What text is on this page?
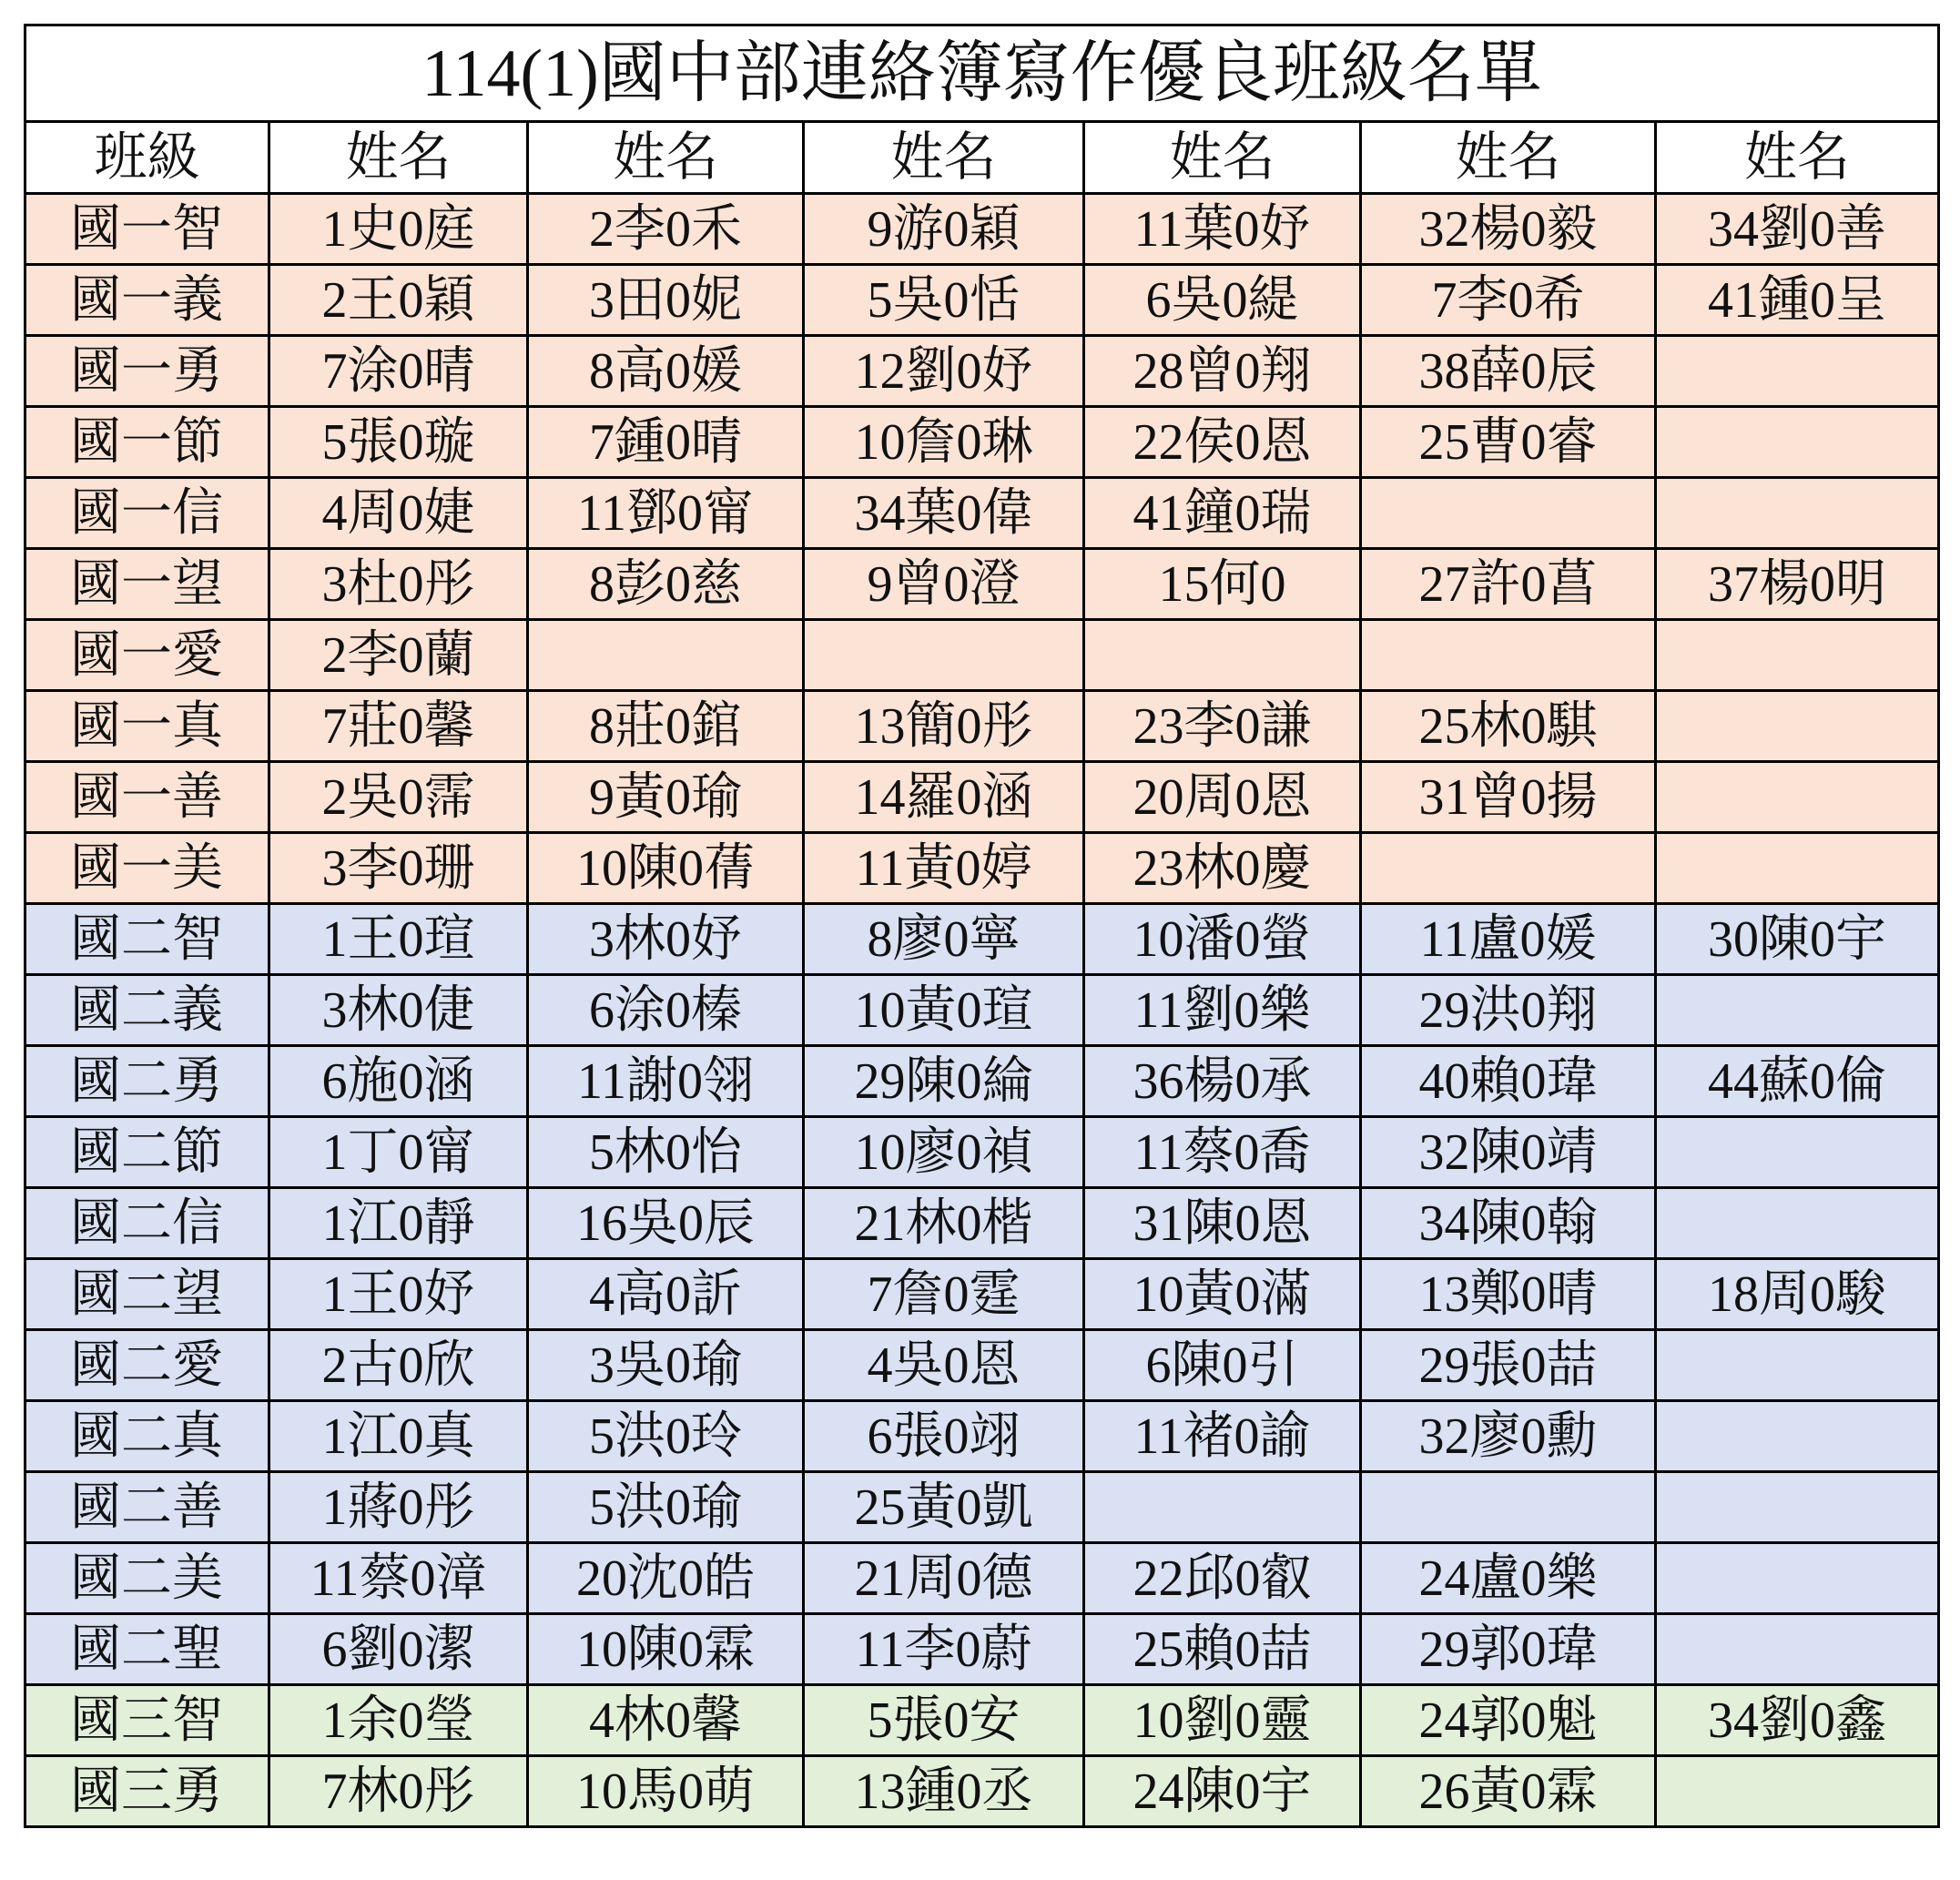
114(1)國中部連絡簿寫作優良班級名單						
班級	姓名	姓名	姓名	姓名	姓名	姓名
國一智	1史0庭	2李0禾	9游0穎	11葉0妤	32楊0毅	34劉0善
國一義	2王0穎	3田0妮	5吳0恬	6吳0緹	7李0希	41鍾0呈
國一勇	7涂0晴	8高0媛	12劉0妤	28曾0翔	38薛0辰	
國一節	5張0璇	7鍾0晴	10詹0琳	22侯0恩	25曹0睿	
國一信	4周0婕	11鄧0甯	34葉0偉	41鐘0瑞		
國一望	3杜0彤	8彭0慈	9曾0澄	15何0	27許0菖	37楊0明
國一愛	2李0蘭					
國一真	7莊0馨	8莊0錧	13簡0彤	23李0謙	25林0騏	
國一善	2吳0霈	9黃0瑜	14羅0涵	20周0恩	31曾0揚	
國一美	3李0珊	10陳0蒨	11黃0婷	23林0慶		
國二智	1王0瑄	3林0妤	8廖0寧	10潘0螢	11盧0媛	30陳0宇
國二義	3林0倢	6涂0榛	10黃0瑄	11劉0樂	29洪0翔	
國二勇	6施0涵	11謝0翎	29陳0綸	36楊0承	40賴0瑋	44蘇0倫
國二節	1丁0甯	5林0怡	10廖0禎	11蔡0喬	32陳0靖	
國二信	1江0靜	16吳0辰	21林0楷	31陳0恩	34陳0翰	
國二望	1王0妤	4高0訢	7詹0霆	10黃0滿	13鄭0晴	18周0駿
國二愛	2古0欣	3吳0瑜	4吳0恩	6陳0引	29張0喆	
國二真	1江0真	5洪0玲	6張0翊	11褚0諭	32廖0勳	
國二善	1蔣0彤	5洪0瑜	25黃0凱			
國二美	11蔡0漳	20沈0皓	21周0德	22邱0叡	24盧0樂	
國二聖	6劉0潔	10陳0霖	11李0蔚	25賴0喆	29郭0瑋	
國三智	1余0瑩	4林0馨	5張0安	10劉0靈	24郭0魁	34劉0鑫
國三勇	7林0彤	10馬0萌	13鍾0丞	24陳0宇	26黃0霖	
